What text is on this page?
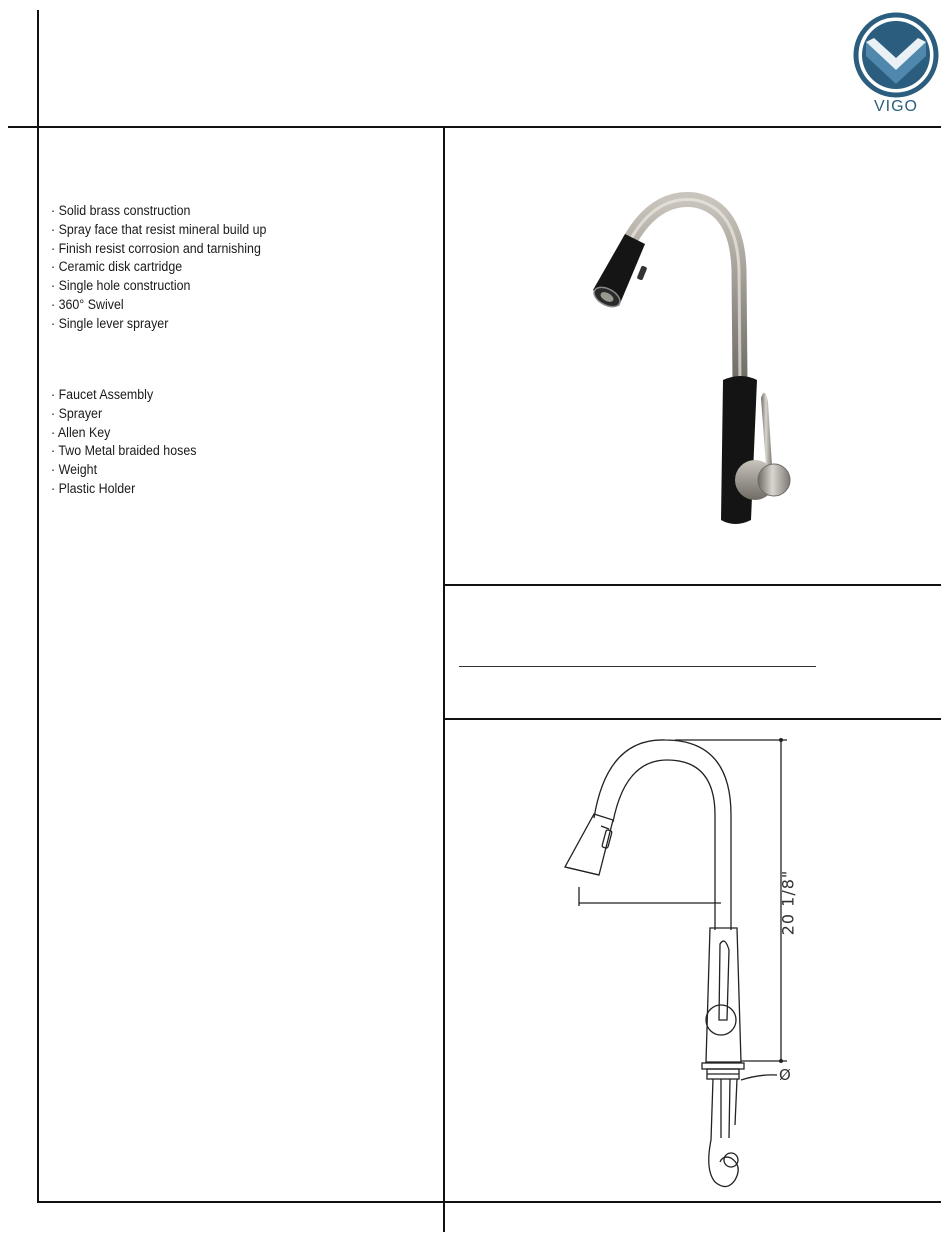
VIGO
· Solid brass construction
· Spray face that resist mineral build up
· Finish resist corrosion and tarnishing
· Ceramic disk cartridge
· Single hole construction
· 360° Swivel
· Single lever sprayer
· Faucet Assembly
· Sprayer
· Allen Key
· Two Metal braided hoses
· Weight
· Plastic Holder
20 1/8"
Ø
